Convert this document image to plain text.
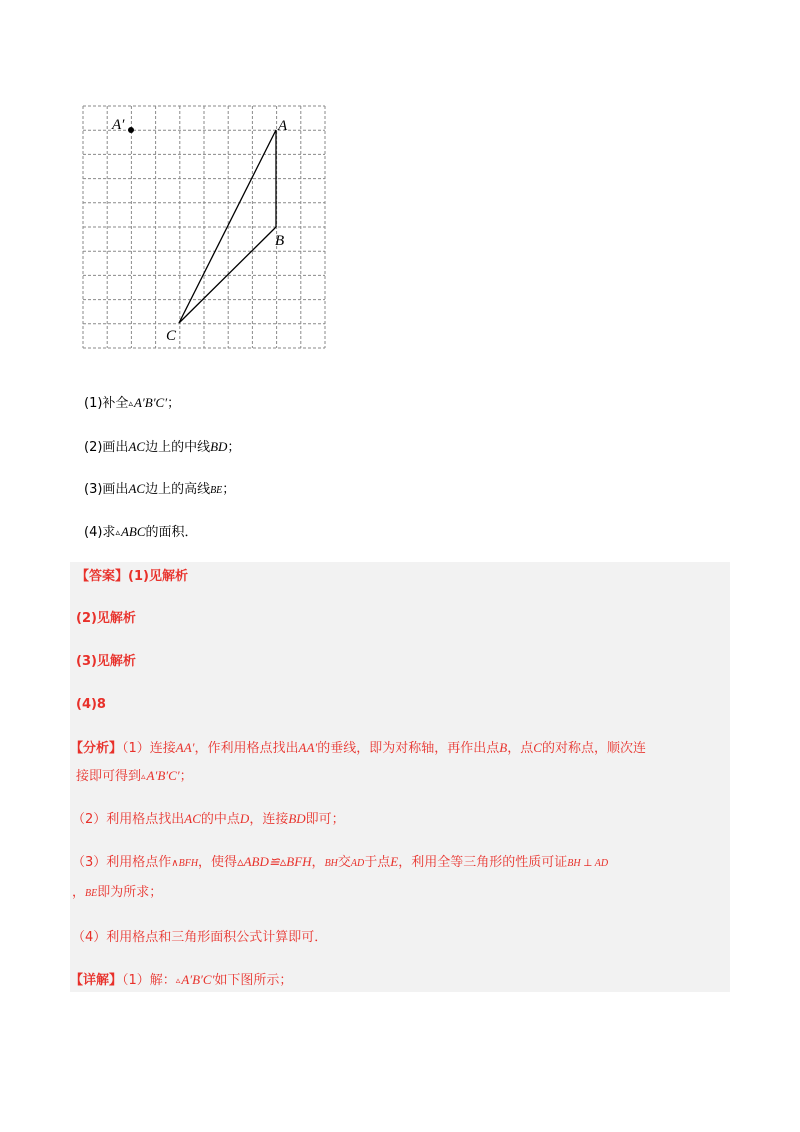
A′	A
B
C
(1)补全▵A′B′C′；
(2)画出AC边上的中线BD；
(3)画出AC边上的高线BE；
(4)求▵ABC的面积．
【答案】(1)见解析
(2)见解析
(3)见解析
(4)8
【分析】（1）连接AA′，作利用格点找出AA′的垂线，即为对称轴，再作出点B，点C的对称点，顺次连
接即可得到▵A′B′C′；
（2）利用格点找出AC的中点D，连接BD即可；
（3）利用格点作∧BFH，使得▵ABD≌▵BFH，BH交AD于点E，利用全等三角形的性质可证BH ⊥ AD
，BE即为所求；
（4）利用格点和三角形面积公式计算即可．
【详解】（1）解：▵A′B′C′如下图所示；
